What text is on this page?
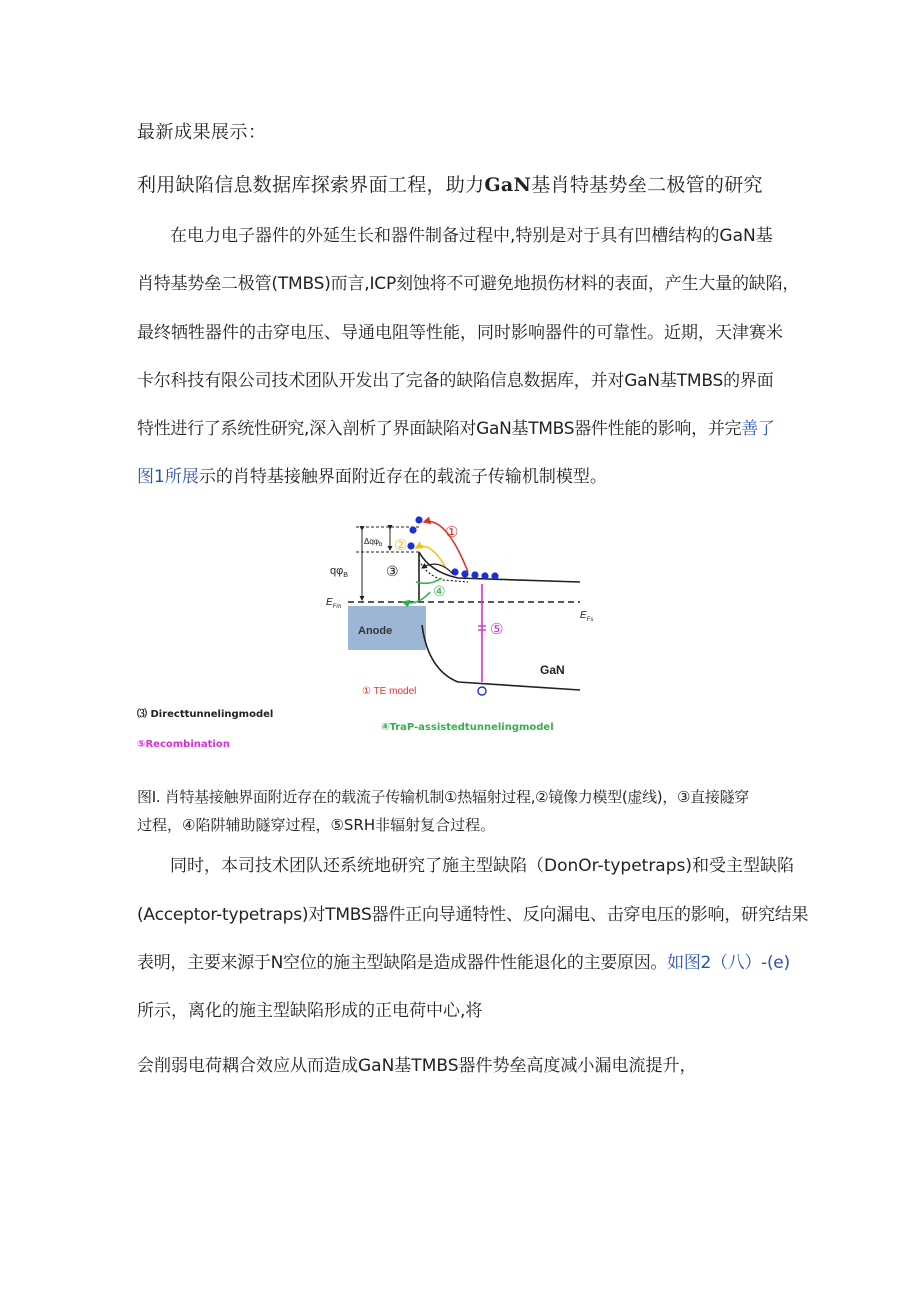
最新成果展示：
利用缺陷信息数据库探索界面工程，助力GaN基肖特基势垒二极管的研究
在电力电子器件的外延生长和器件制备过程中,特别是对于具有凹槽结构的GaN基
肖特基势垒二极管(TMBS)而言,ICP刻蚀将不可避免地损伤材料的表面，产生大量的缺陷，
最终牺牲器件的击穿电压、导通电阻等性能，同时影响器件的可靠性。近期，天津赛米
卡尔科技有限公司技术团队开发出了完备的缺陷信息数据库，并对GaN基TMBS的界面
特性进行了系统性研究,深入剖析了界面缺陷对GaN基TMBS器件性能的影响，并完善了
图1所展示的肖特基接触界面附近存在的载流子传输机制模型。
Anode
Δqφ$_b$
$q\varphi_B$
$E_{Fm}$
$E_{Fs}$
①
②
③
④
⑤
GaN
① TE model
⑶ Directtunnelingmodel
④TraP-assistedtunnelingmodel
⑤Recombination
图I. 肖特基接触界面附近存在的载流子传输机制①热辐射过程,②镜像力模型(虚线)，③直接隧穿
过程，④陷阱辅助隧穿过程，⑤SRH非辐射复合过程。
同时，本司技术团队还系统地研究了施主型缺陷（DonOr-typetraps)和受主型缺陷
(Acceptor-typetraps)对TMBS器件正向导通特性、反向漏电、击穿电压的影响，研究结果
表明，主要来源于N空位的施主型缺陷是造成器件性能退化的主要原因。如图2（八）-(e)
所示，离化的施主型缺陷形成的正电荷中心,将
会削弱电荷耦合效应从而造成GaN基TMBS器件势垒高度减小漏电流提升，
